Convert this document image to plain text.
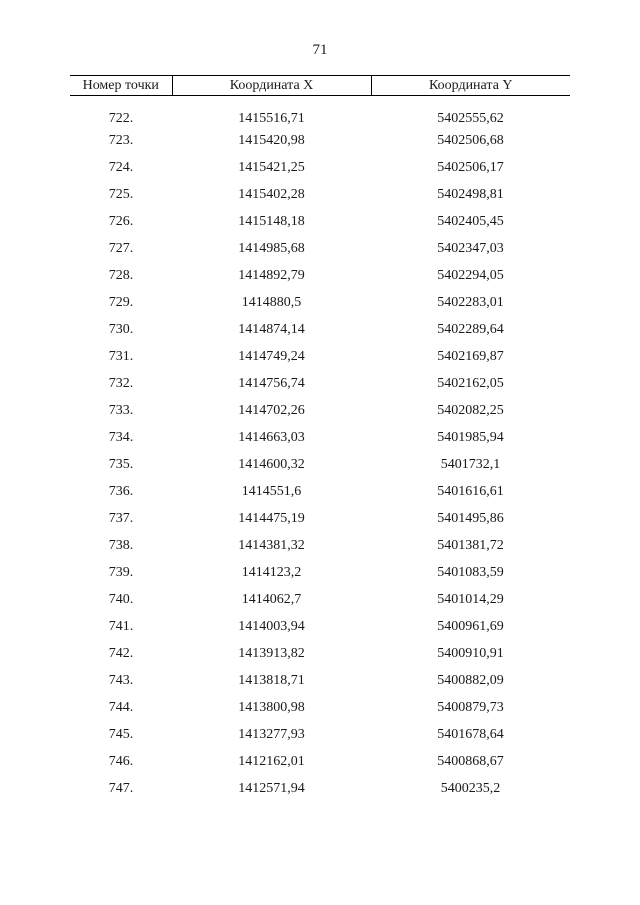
71
Номер точки	Координата X	Координата Y
722.	1415516,71	5402555,62
723.	1415420,98	5402506,68
724.	1415421,25	5402506,17
725.	1415402,28	5402498,81
726.	1415148,18	5402405,45
727.	1414985,68	5402347,03
728.	1414892,79	5402294,05
729.	1414880,5	5402283,01
730.	1414874,14	5402289,64
731.	1414749,24	5402169,87
732.	1414756,74	5402162,05
733.	1414702,26	5402082,25
734.	1414663,03	5401985,94
735.	1414600,32	5401732,1
736.	1414551,6	5401616,61
737.	1414475,19	5401495,86
738.	1414381,32	5401381,72
739.	1414123,2	5401083,59
740.	1414062,7	5401014,29
741.	1414003,94	5400961,69
742.	1413913,82	5400910,91
743.	1413818,71	5400882,09
744.	1413800,98	5400879,73
745.	1413277,93	5401678,64
746.	1412162,01	5400868,67
747.	1412571,94	5400235,2
